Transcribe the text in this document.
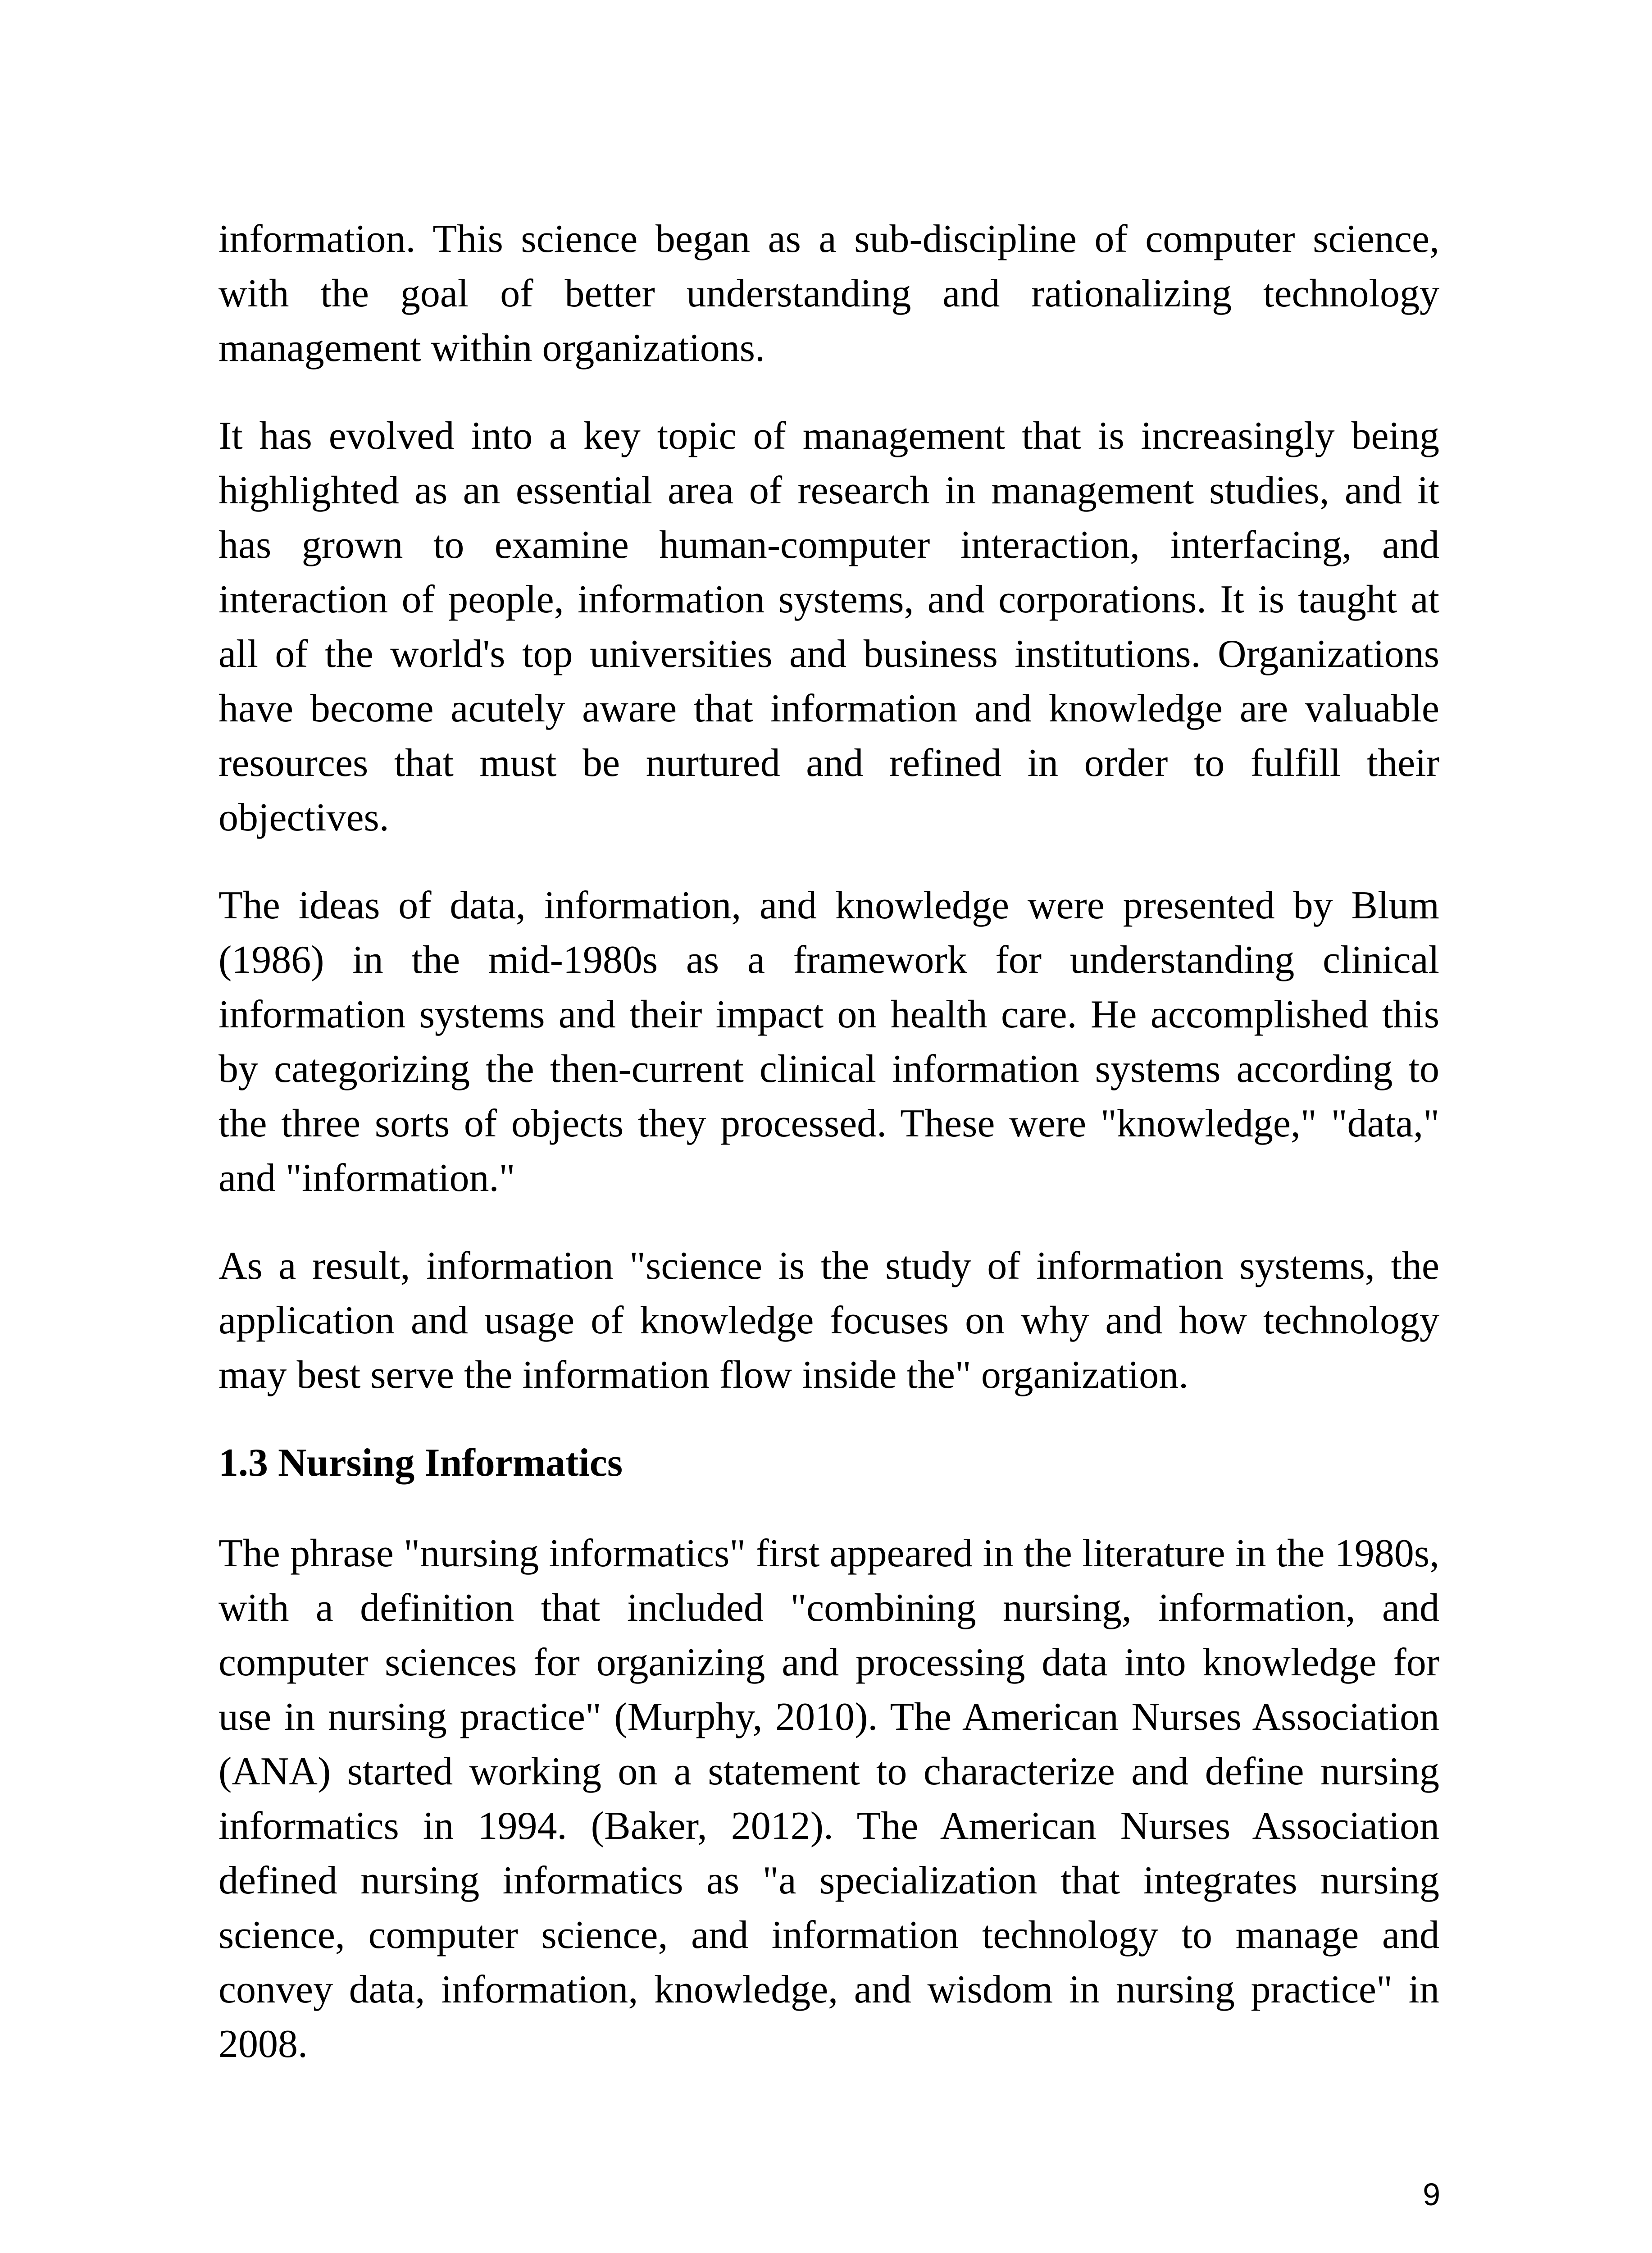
information. This science began as a sub-discipline of computer science, with the goal of better understanding and rationalizing technology management within organizations.

It has evolved into a key topic of management that is increasingly being highlighted as an essential area of research in management studies, and it has grown to examine human-computer interaction, interfacing, and interaction of people, information systems, and corporations. It is taught at all of the world's top universities and business institutions. Organizations have become acutely aware that information and knowledge are valuable resources that must be nurtured and refined in order to fulfill their objectives.

The ideas of data, information, and knowledge were presented by Blum (1986) in the mid-1980s as a framework for understanding clinical information systems and their impact on health care. He accomplished this by categorizing the then-current clinical information systems according to the three sorts of objects they processed. These were "knowledge," "data," and "information."

As a result, information "science is the study of information systems, the application and usage of knowledge focuses on why and how technology may best serve the information flow inside the" organization.

1.3 Nursing Informatics

The phrase "nursing informatics" first appeared in the literature in the 1980s, with a definition that included "combining nursing, information, and computer sciences for organizing and processing data into knowledge for use in nursing practice" (Murphy, 2010). The American Nurses Association (ANA) started working on a statement to characterize and define nursing informatics in 1994. (Baker, 2012). The American Nurses Association defined nursing informatics as "a specialization that integrates nursing science, computer science, and information technology to manage and convey data, information, knowledge, and wisdom in nursing practice" in 2008.

9
